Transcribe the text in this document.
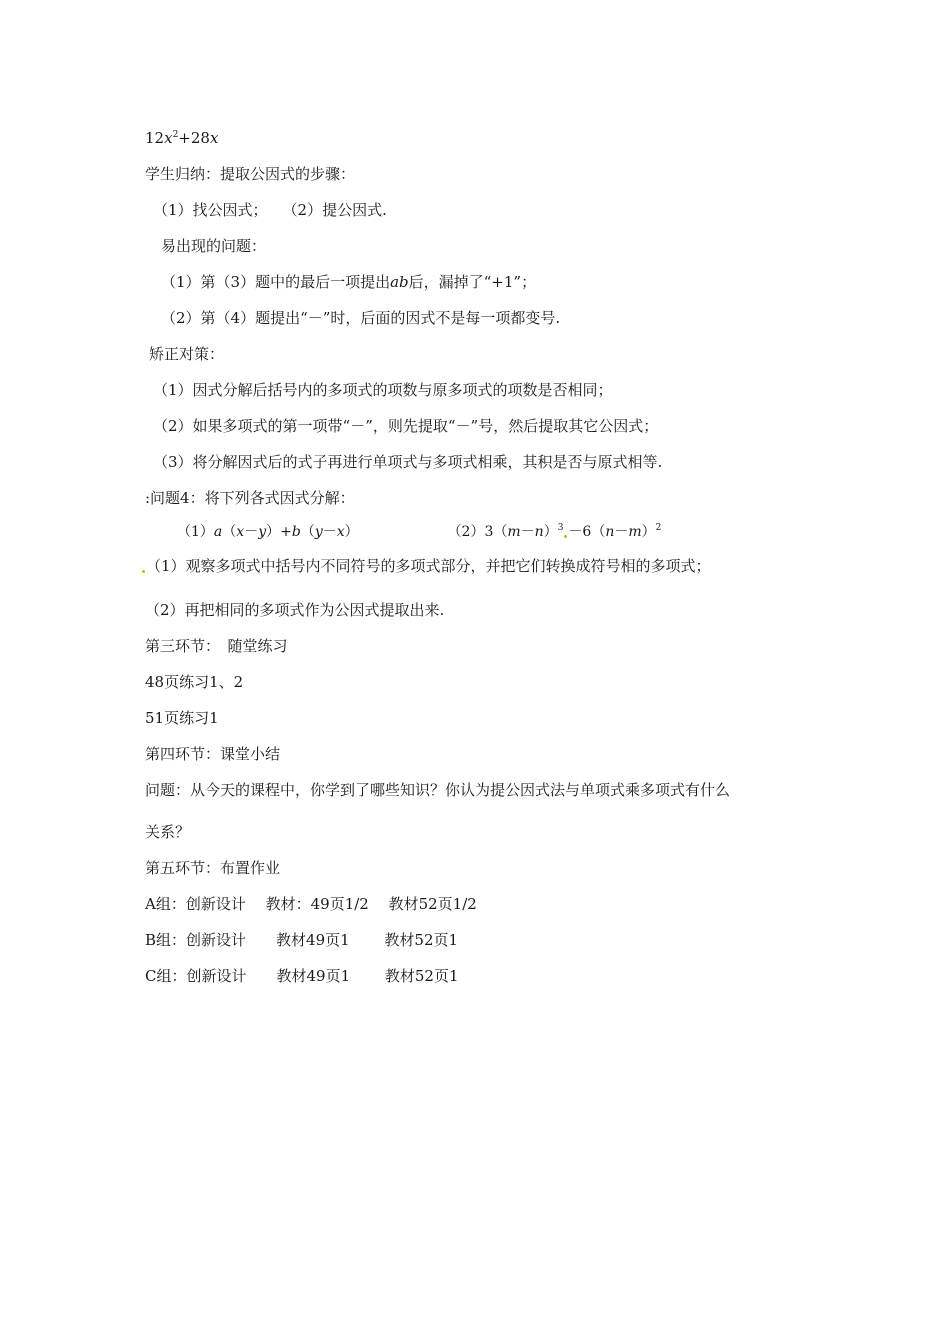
$12x^2+28x$
学生归纳：提取公因式的步骤：
（1）找公因式；　　（2）提公因式.
易出现的问题：
（1）第（3）题中的最后一项提出ab后，漏掉了“+1”；
（2）第（4）题提出“－”时，后面的因式不是每一项都变号.
矫正对策：
（1）因式分解后括号内的多项式的项数与原多项式的项数是否相同；
（2）如果多项式的第一项带“－”，则先提取“－”号，然后提取其它公因式；
（3）将分解因式后的式子再进行单项式与多项式相乘，其积是否与原式相等.
:问题4：将下列各式因式分解：
（1）a（x－y）+b（y－x）	$(2)3(m-n)^3 -6(n-m)^2$
（1）观察多项式中括号内不同符号的多项式部分，并把它们转换成符号相的多项式；
（2）再把相同的多项式作为公因式提取出来.
第三环节：　随堂练习
48页练习1、2
51页练习1
第四环节：课堂小结
问题：从今天的课程中，你学到了哪些知识？你认为提公因式法与单项式乘多项式有什么
关系？
第五环节：布置作业
A组：创新设计　 教材：49页1/2　 教材52页1/2
B组：创新设计　　教材49页1　　 教材52页1
C组：创新设计　　教材49页1　　 教材52页1
